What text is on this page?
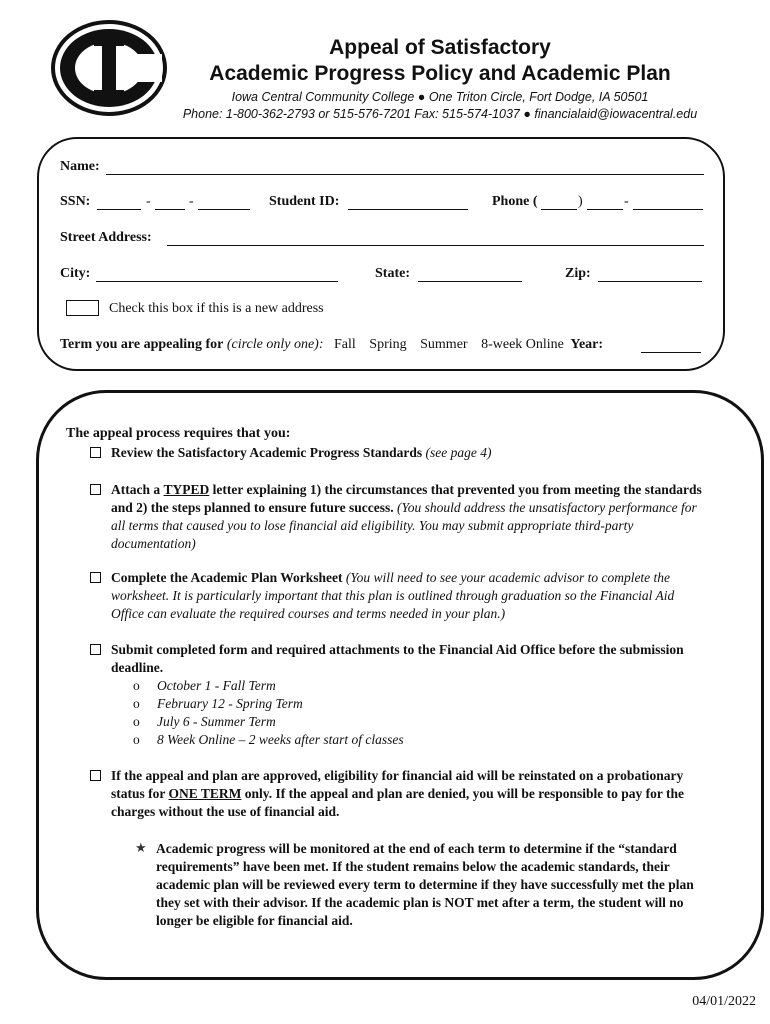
Appeal of Satisfactory
Academic Progress Policy and Academic Plan
Iowa Central Community College ● One Triton Circle, Fort Dodge, IA 50501
Phone: 1-800-362-2793 or 515-576-7201 Fax: 515-574-1037 ● financialaid@iowacentral.edu
Name:
SSN:	-	-	Student ID:	Phone (	)	-
Street Address:
City:	State:	Zip:
Check this box if this is a new address
Term you are appealing for (circle only one): Fall Spring Summer 8-week Online Year:
The appeal process requires that you:
Review the Satisfactory Academic Progress Standards (see page 4)
Attach a TYPED letter explaining 1) the circumstances that prevented you from meeting the standards and 2) the steps planned to ensure future success. (You should address the unsatisfactory performance for all terms that caused you to lose financial aid eligibility. You may submit appropriate third-party documentation)
Complete the Academic Plan Worksheet (You will need to see your academic advisor to complete the worksheet. It is particularly important that this plan is outlined through graduation so the Financial Aid Office can evaluate the required courses and terms needed in your plan.)
Submit completed form and required attachments to the Financial Aid Office before the submission deadline.
o October 1 - Fall Term
o February 12 - Spring Term
o July 6 - Summer Term
o 8 Week Online – 2 weeks after start of classes
If the appeal and plan are approved, eligibility for financial aid will be reinstated on a probationary status for ONE TERM only. If the appeal and plan are denied, you will be responsible to pay for the charges without the use of financial aid.
★ Academic progress will be monitored at the end of each term to determine if the “standard requirements” have been met. If the student remains below the academic standards, their academic plan will be reviewed every term to determine if they have successfully met the plan they set with their advisor. If the academic plan is NOT met after a term, the student will no longer be eligible for financial aid.
04/01/2022
